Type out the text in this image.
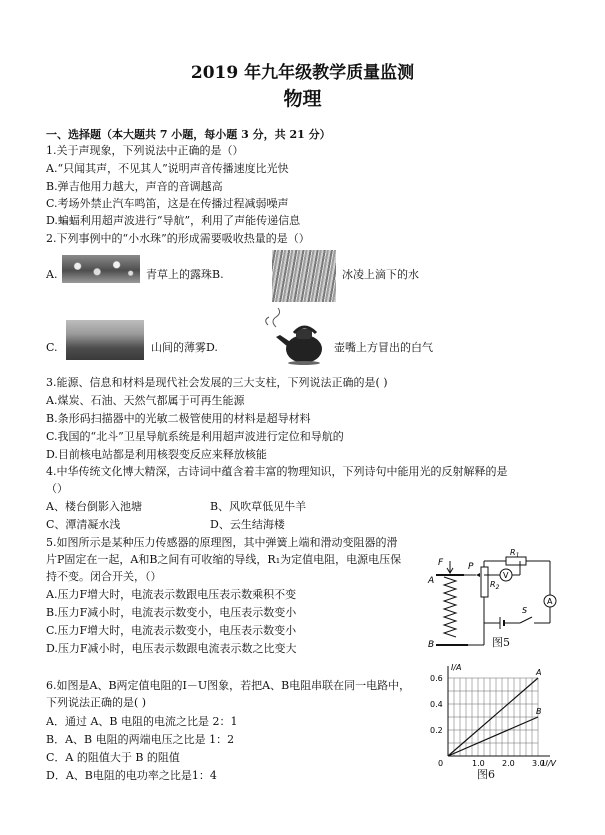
2019 年九年级教学质量监测
物理
一、选择题（本大题共 7 小题，每小题 3 分，共 21 分）
1.关于声现象，下列说法中正确的是（）
A.“只闻其声，不见其人”说明声音传播速度比光快
B.弹吉他用力越大，声音的音调越高
C.考场外禁止汽车鸣笛，这是在传播过程减弱噪声
D.蝙蝠利用超声波进行“导航”，利用了声能传递信息
2.下列事例中的“小水珠”的形成需要吸收热量的是（）
A.	青草上的露珠B.	冰凌上滴下的水
C.	山间的薄雾D.	壶嘴上方冒出的白气
3.能源、信息和材料是现代社会发展的三大支柱，下列说法正确的是( )
A.煤炭、石油、天然气都属于可再生能源
B.条形码扫描器中的光敏二极管使用的材料是超导材料
C.我国的“北斗”卫星导航系统是利用超声波进行定位和导航的
D.目前核电站都是利用核裂变反应来释放核能
4.中华传统文化博大精深，古诗词中蕴含着丰富的物理知识，下列诗句中能用光的反射解释的是
（）
A、楼台倒影入池塘	B、风吹草低见牛羊
C、潭清凝水浅	D、云生结海楼
5.如图所示是某种压力传感器的原理图，其中弹簧上端和滑动变阻器的滑
片P固定在一起，A和B之间有可收缩的导线，R₁为定值电阻，电源电压保
持不变。闭合开关，（）
A.压力F增大时，电流表示数跟电压表示数乘积不变
B.压力F减小时，电流表示数变小，电压表示数变小
C.压力F增大时，电流表示数变小，电压表示数变小
D.压力F减小时，电压表示数跟电流表示数之比变大
F
A
B
P
$R_2$
$R_1$
V
A
S
图5
6.如图是A、B两定值电阻的I－U图象，若把A、B电阻串联在同一电路中，
下列说法正确的是( )
A．通过 A、B 电阻的电流之比是 2：1
B．A、B 电阻的两端电压之比是 1：2
C．A 的阻值大于 B 的阻值
D．A、B电阻的电功率之比是1：4
A
B
0	1.0 2.0 3.0
0.2
0.4
0.6
I/A
U/V
图6
